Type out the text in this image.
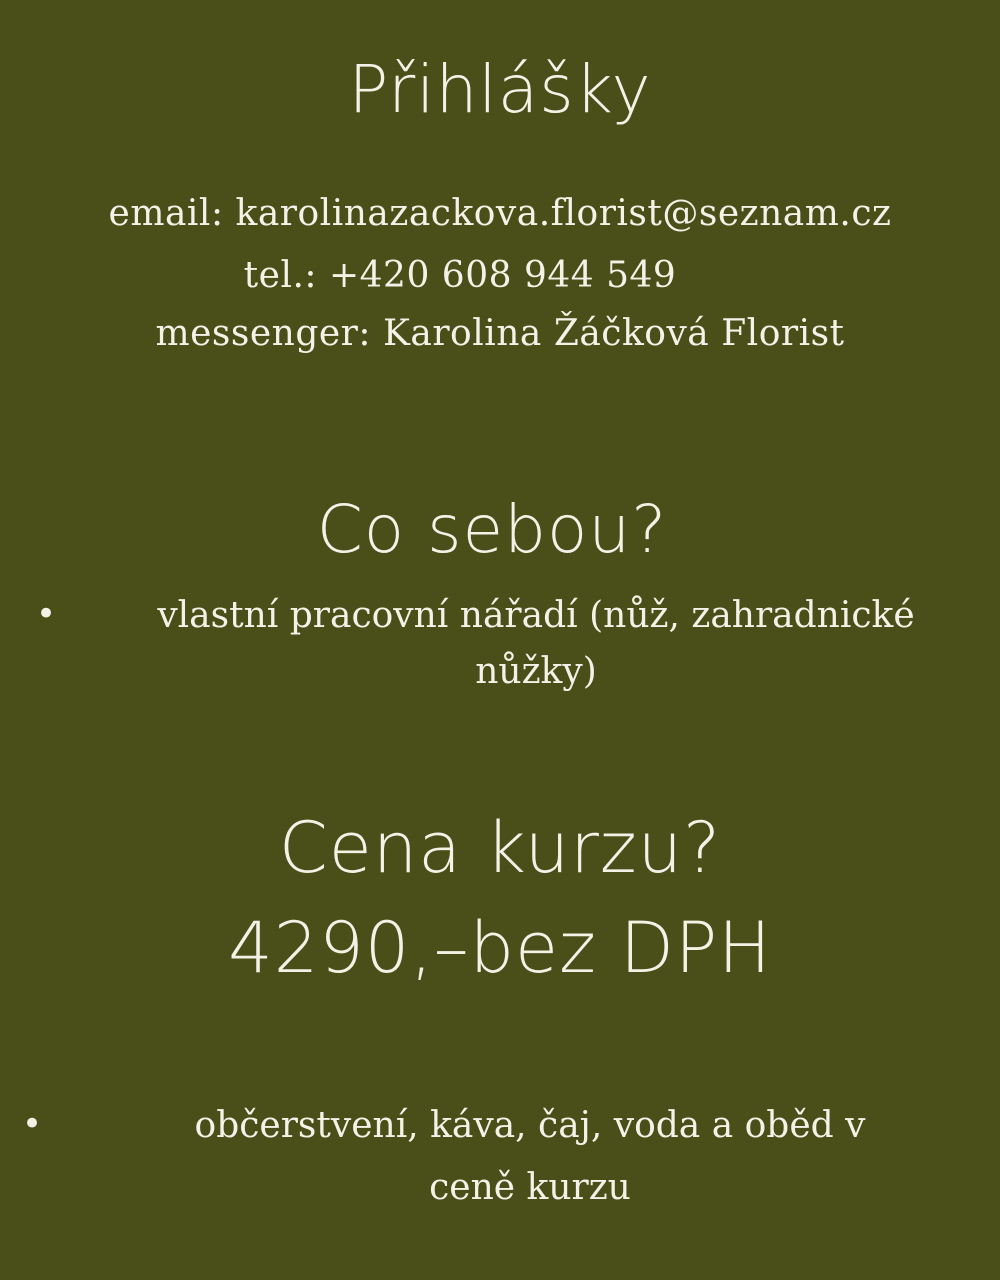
Přihlášky
email: karolinazackova.florist@seznam.cz
tel.: +420 608 944 549
messenger: Karolina Žáčková Florist
Co sebou?
•	vlastní pracovní nářadí (nůž, zahradnické
nůžky)
Cena kurzu?
4290,–bez DPH
•	občerstvení, káva, čaj, voda a oběd v
ceně kurzu
